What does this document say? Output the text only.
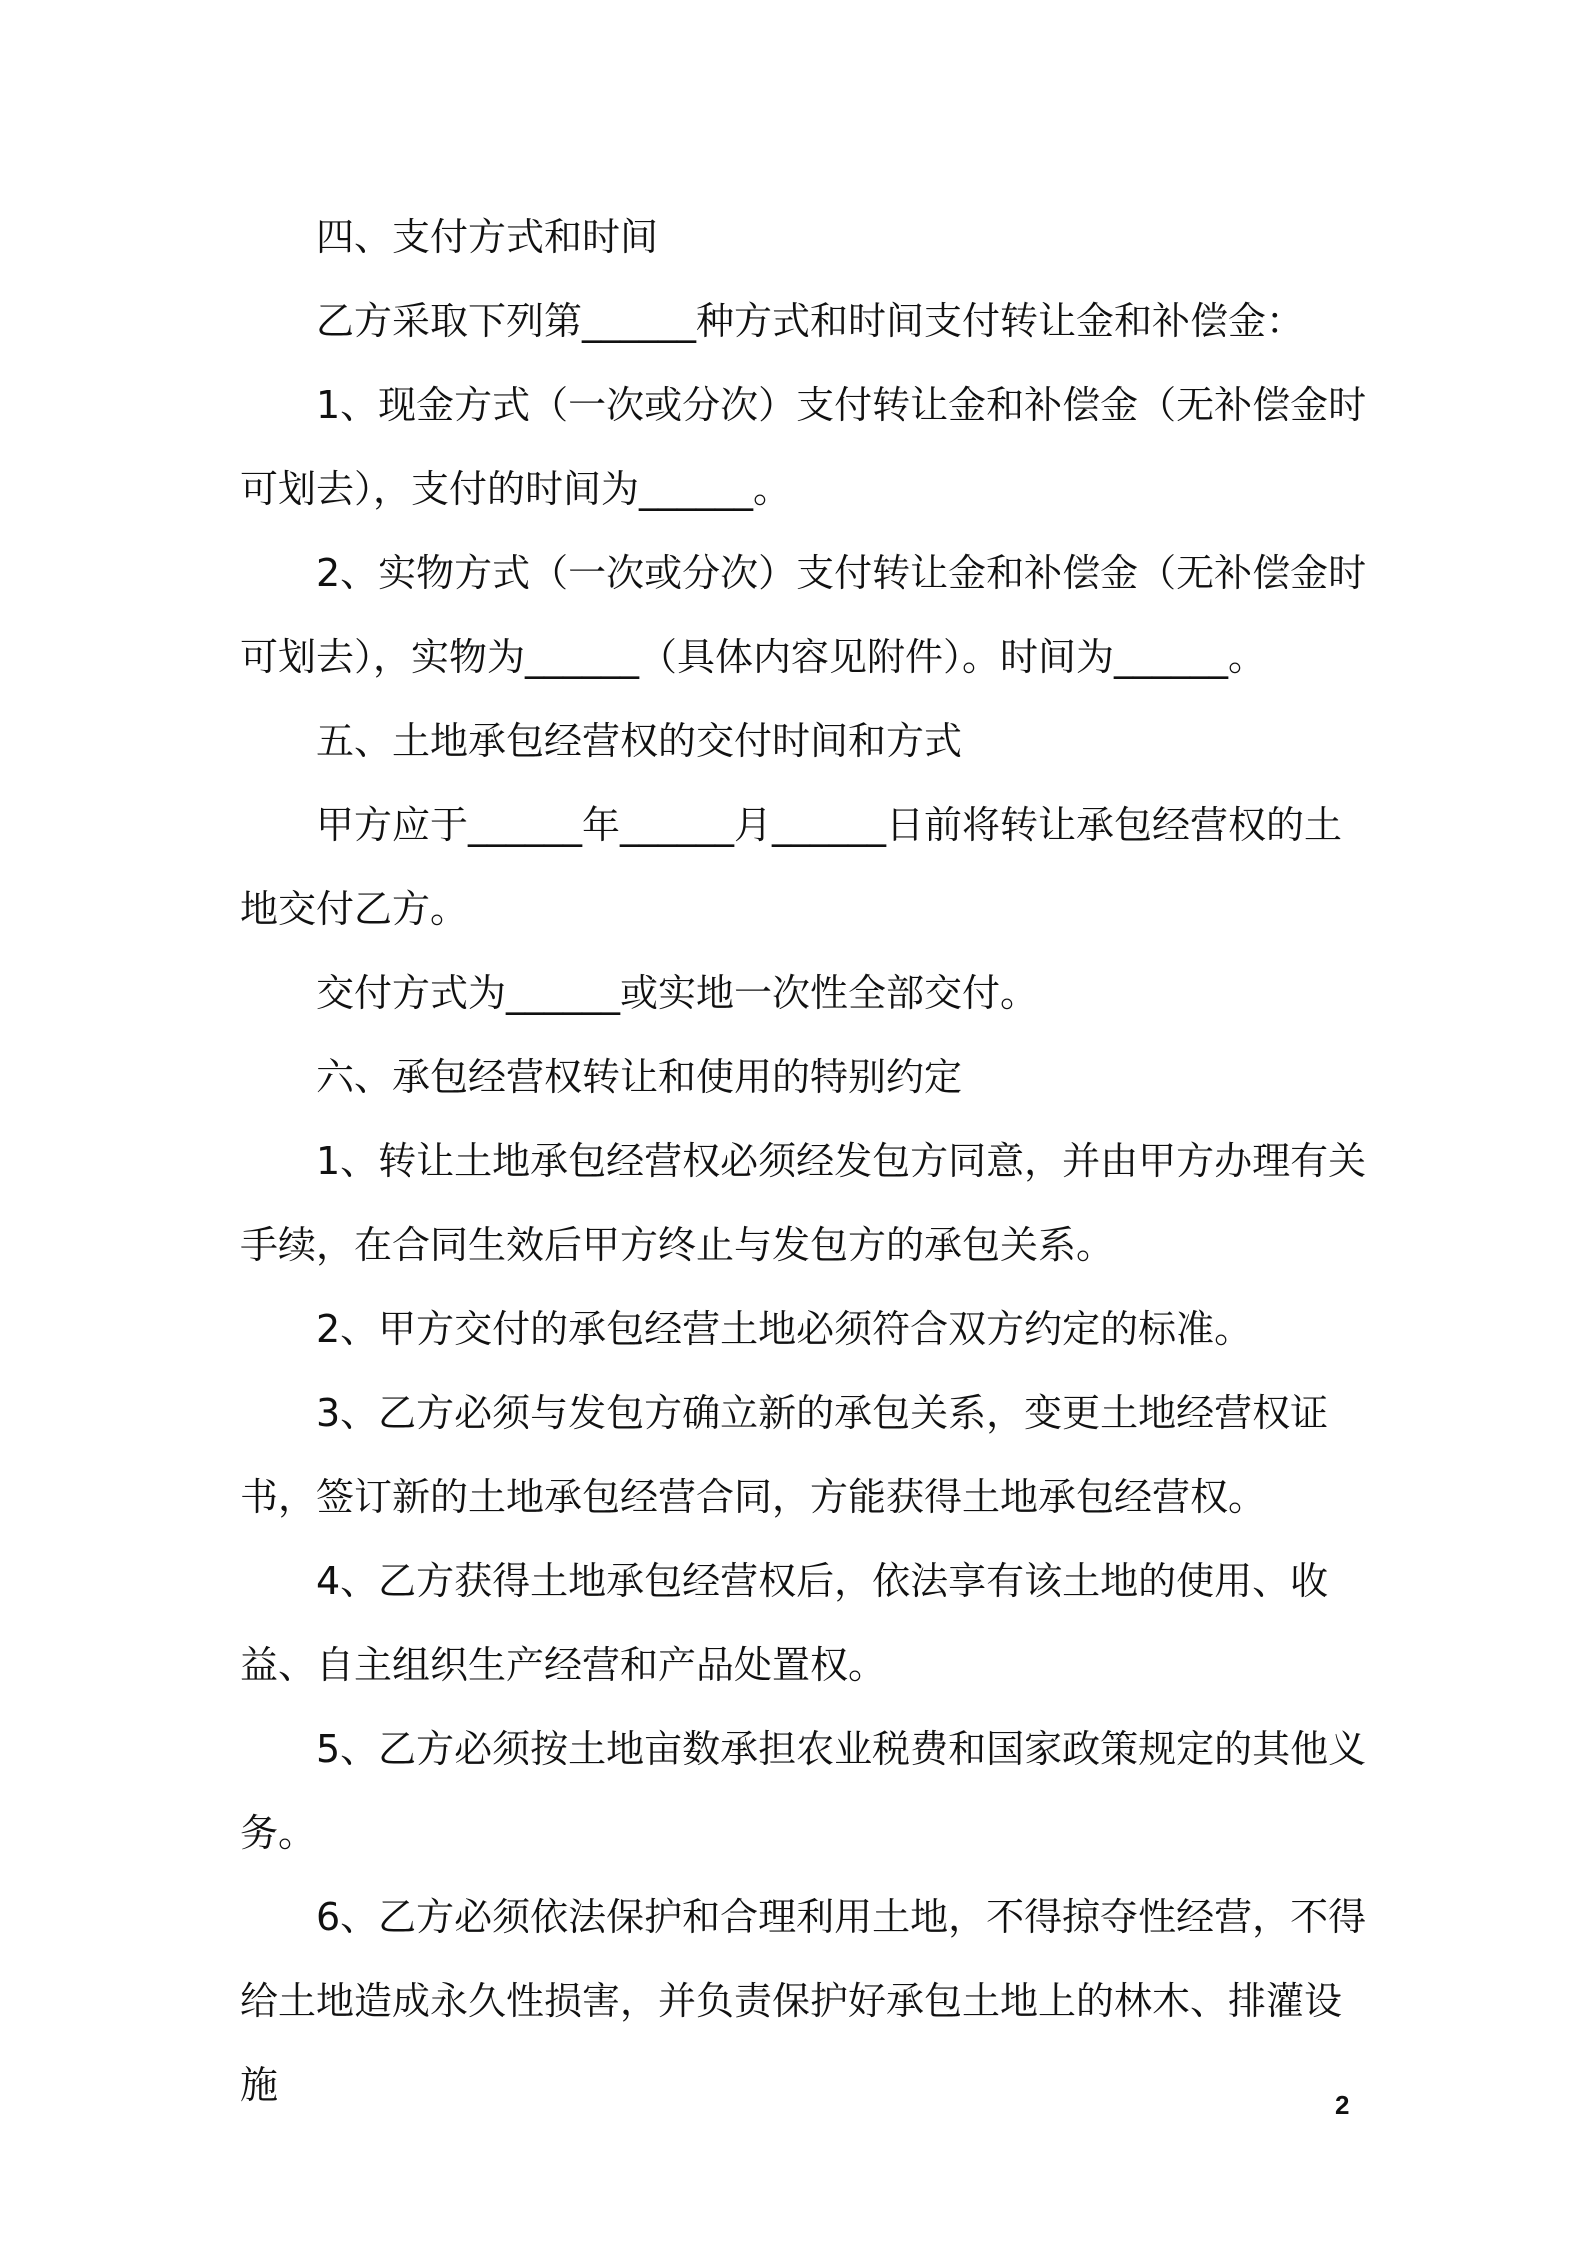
四、支付方式和时间

乙方采取下列第______种方式和时间支付转让金和补偿金：

1、现金方式（一次或分次）支付转让金和补偿金（无补偿金时可划去），支付的时间为______。

2、实物方式（一次或分次）支付转让金和补偿金（无补偿金时可划去），实物为______（具体内容见附件）。时间为______。

五、土地承包经营权的交付时间和方式

甲方应于______年______月______日前将转让承包经营权的土地交付乙方。

交付方式为______或实地一次性全部交付。

六、承包经营权转让和使用的特别约定

1、转让土地承包经营权必须经发包方同意，并由甲方办理有关手续，在合同生效后甲方终止与发包方的承包关系。

2、甲方交付的承包经营土地必须符合双方约定的标准。

3、乙方必须与发包方确立新的承包关系，变更土地经营权证书，签订新的土地承包经营合同，方能获得土地承包经营权。

4、乙方获得土地承包经营权后，依法享有该土地的使用、收益、自主组织生产经营和产品处置权。

5、乙方必须按土地亩数承担农业税费和国家政策规定的其他义务。

6、乙方必须依法保护和合理利用土地，不得掠夺性经营，不得给土地造成永久性损害，并负责保护好承包土地上的林木、排灌设施	2
